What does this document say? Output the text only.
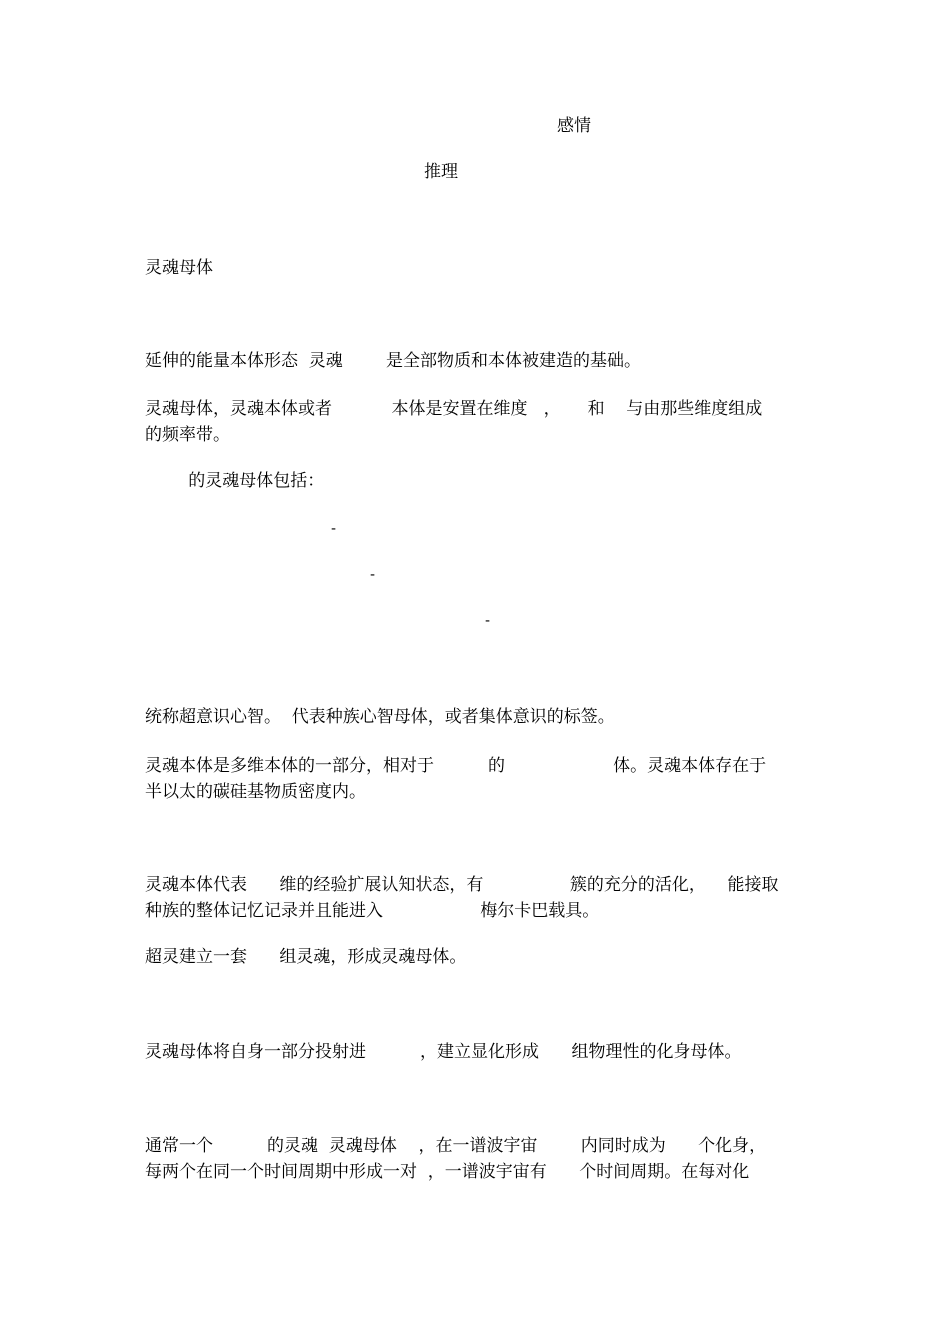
感情

推理

灵魂母体

延伸的能量本体形态  灵魂        是全部物质和本体被建造的基础。

灵魂母体，灵魂本体或者           本体是安置在维度   ，     和    与由那些维度组成

的频率带。

的灵魂母体包括：

-

-

-

统称超意识心智。  代表种族心智母体，或者集体意识的标签。

灵魂本体是多维本体的一部分，相对于          的                    体。灵魂本体存在于

半以太的碳硅基物质密度内。

灵魂本体代表      维的经验扩展认知状态，有                簇的充分的活化，    能接取

种族的整体记忆记录并且能进入                  梅尔卡巴载具。

超灵建立一套      组灵魂，形成灵魂母体。

灵魂母体将自身一部分投射进          ，建立显化形成      组物理性的化身母体。

通常一个          的灵魂  灵魂母体    ，在一谱波宇宙        内同时成为      个化身，

每两个在同一个时间周期中形成一对  ，一谱波宇宙有      个时间周期。在每对化
